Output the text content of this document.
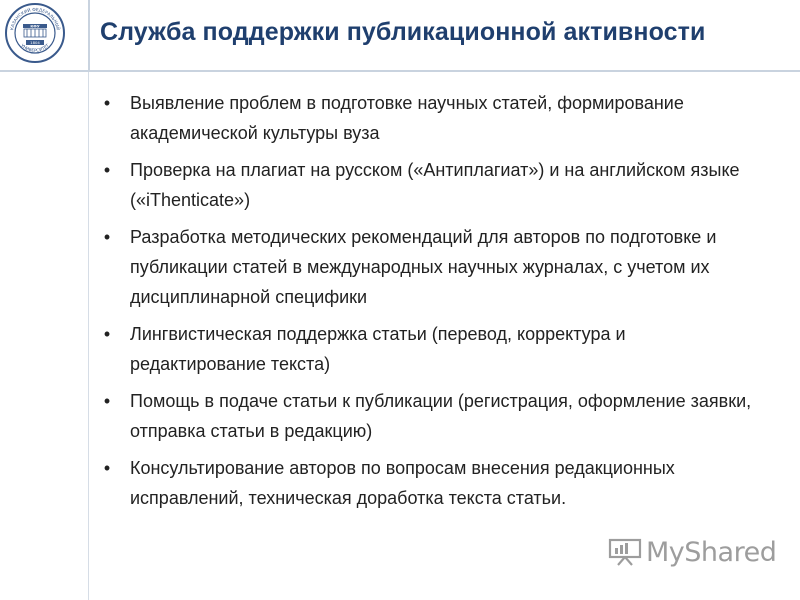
КАЗАНСКИЙ ФЕДЕРАЛЬНЫЙ
УНИВЕРСИТЕТ
КФУ
1804 Служба поддержки публикационной активности
• Выявление проблем в подготовке научных статей, формирование академической культуры вуза
• Проверка на плагиат на русском («Антиплагиат») и на английском языке («iThenticate»)
• Разработка методических рекомендаций для авторов по подготовке и публикации статей в международных научных журналах, с учетом их дисциплинарной специфики
• Лингвистическая поддержка статьи (перевод, корректура и редактирование текста)
• Помощь в подаче статьи к публикации (регистрация, оформление заявки, отправка статьи в редакцию)
• Консультирование авторов по вопросам внесения редакционных исправлений, техническая доработка текста статьи.
MyShared
